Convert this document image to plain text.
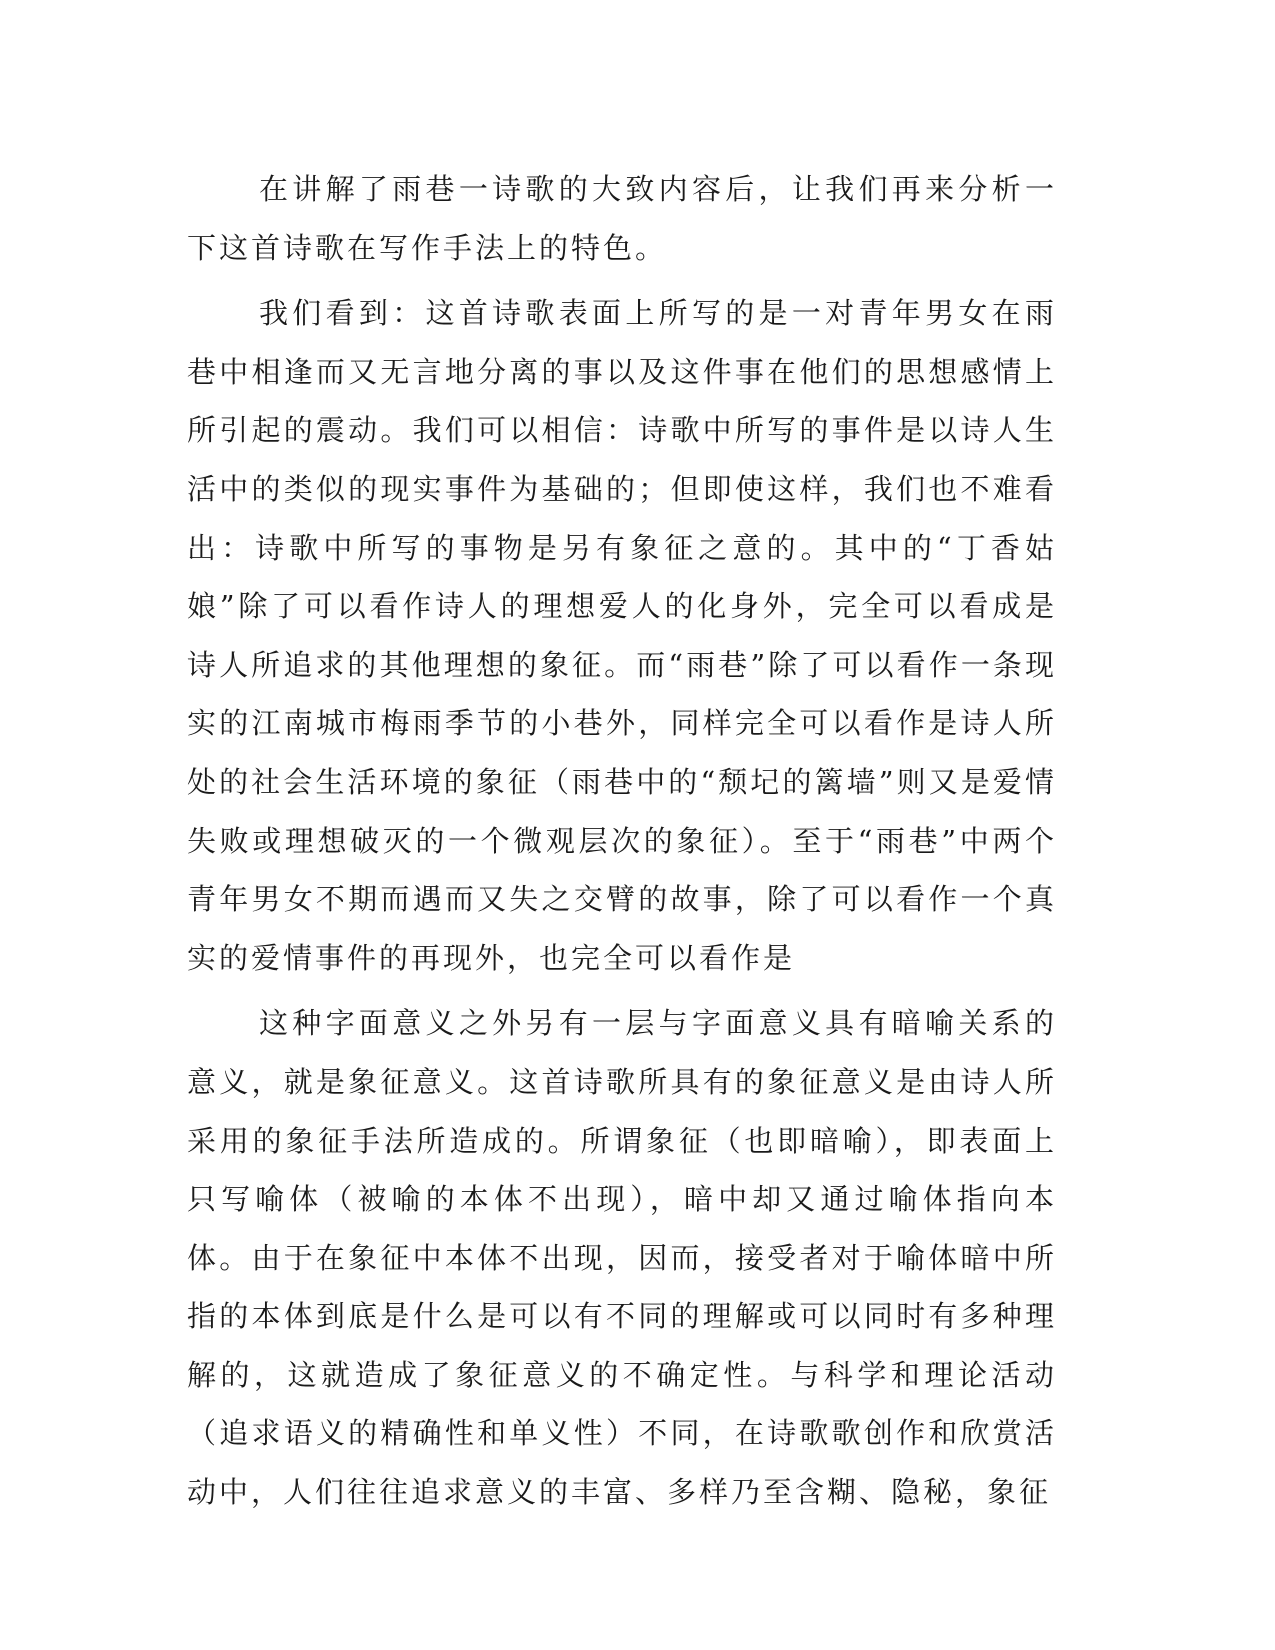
在讲解了雨巷一诗歌的大致内容后，让我们再来分析一下这首诗歌在写作手法上的特色。

我们看到：这首诗歌表面上所写的是一对青年男女在雨巷中相逢而又无言地分离的事以及这件事在他们的思想感情上所引起的震动。我们可以相信：诗歌中所写的事件是以诗人生活中的类似的现实事件为基础的；但即使这样，我们也不难看出：诗歌中所写的事物是另有象征之意的。其中的“丁香姑娘”除了可以看作诗人的理想爱人的化身外，完全可以看成是诗人所追求的其他理想的象征。而“雨巷”除了可以看作一条现实的江南城市梅雨季节的小巷外，同样完全可以看作是诗人所处的社会生活环境的象征（雨巷中的“颓圮的篱墙”则又是爱情失败或理想破灭的一个微观层次的象征）。至于“雨巷”中两个青年男女不期而遇而又失之交臂的故事，除了可以看作一个真实的爱情事件的再现外，也完全可以看作是

这种字面意义之外另有一层与字面意义具有暗喻关系的意义，就是象征意义。这首诗歌所具有的象征意义是由诗人所采用的象征手法所造成的。所谓象征（也即暗喻），即表面上只写喻体（被喻的本体不出现），暗中却又通过喻体指向本体。由于在象征中本体不出现，因而，接受者对于喻体暗中所指的本体到底是什么是可以有不同的理解或可以同时有多种理解的，这就造成了象征意义的不确定性。与科学和理论活动（追求语义的精确性和单义性）不同，在诗歌歌创作和欣赏活动中，人们往往追求意义的丰富、多样乃至含糊、隐秘，象征
